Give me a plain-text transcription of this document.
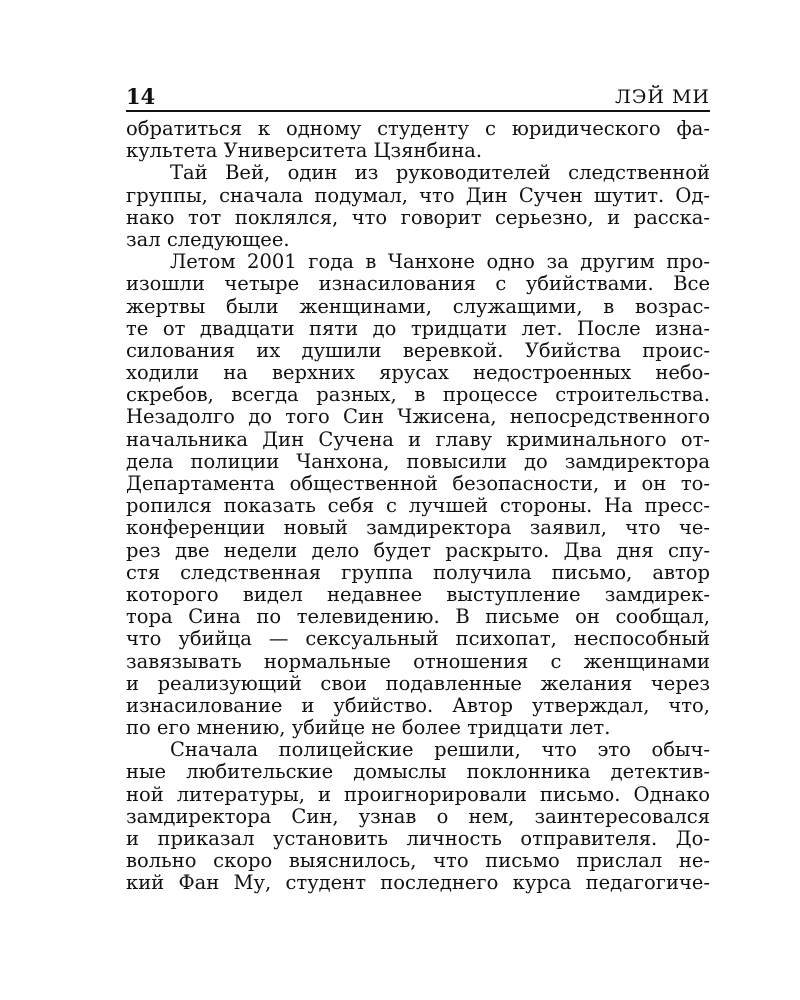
14	ЛЭЙ МИ
обратиться к одному студенту с юридического фа-
культета Университета Цзянбина.
Тай Вей, один из руководителей следственной
группы, сначала подумал, что Дин Сучен шутит. Од-
нако тот поклялся, что говорит серьезно, и расска-
зал следующее.
Летом 2001 года в Чанхоне одно за другим про-
изошли четыре изнасилования с убийствами. Все
жертвы были женщинами, служащими, в возрас-
те от двадцати пяти до тридцати лет. После изна-
силования их душили веревкой. Убийства проис-
ходили на верхних ярусах недостроенных небо-
скребов, всегда разных, в процессе строительства.
Незадолго до того Син Чжисена, непосредственного
начальника Дин Сучена и главу криминального от-
дела полиции Чанхона, повысили до замдиректора
Департамента общественной безопасности, и он то-
ропился показать себя с лучшей стороны. На пресс-
конференции новый замдиректора заявил, что че-
рез две недели дело будет раскрыто. Два дня спу-
стя следственная группа получила письмо, автор
которого видел недавнее выступление замдирек-
тора Сина по телевидению. В письме он сообщал,
что убийца — сексуальный психопат, неспособный
завязывать нормальные отношения с женщинами
и реализующий свои подавленные желания через
изнасилование и убийство. Автор утверждал, что,
по его мнению, убийце не более тридцати лет.
Сначала полицейские решили, что это обыч-
ные любительские домыслы поклонника детектив-
ной литературы, и проигнорировали письмо. Однако
замдиректора Син, узнав о нем, заинтересовался
и приказал установить личность отправителя. До-
вольно скоро выяснилось, что письмо прислал не-
кий Фан Му, студент последнего курса педагогиче-
